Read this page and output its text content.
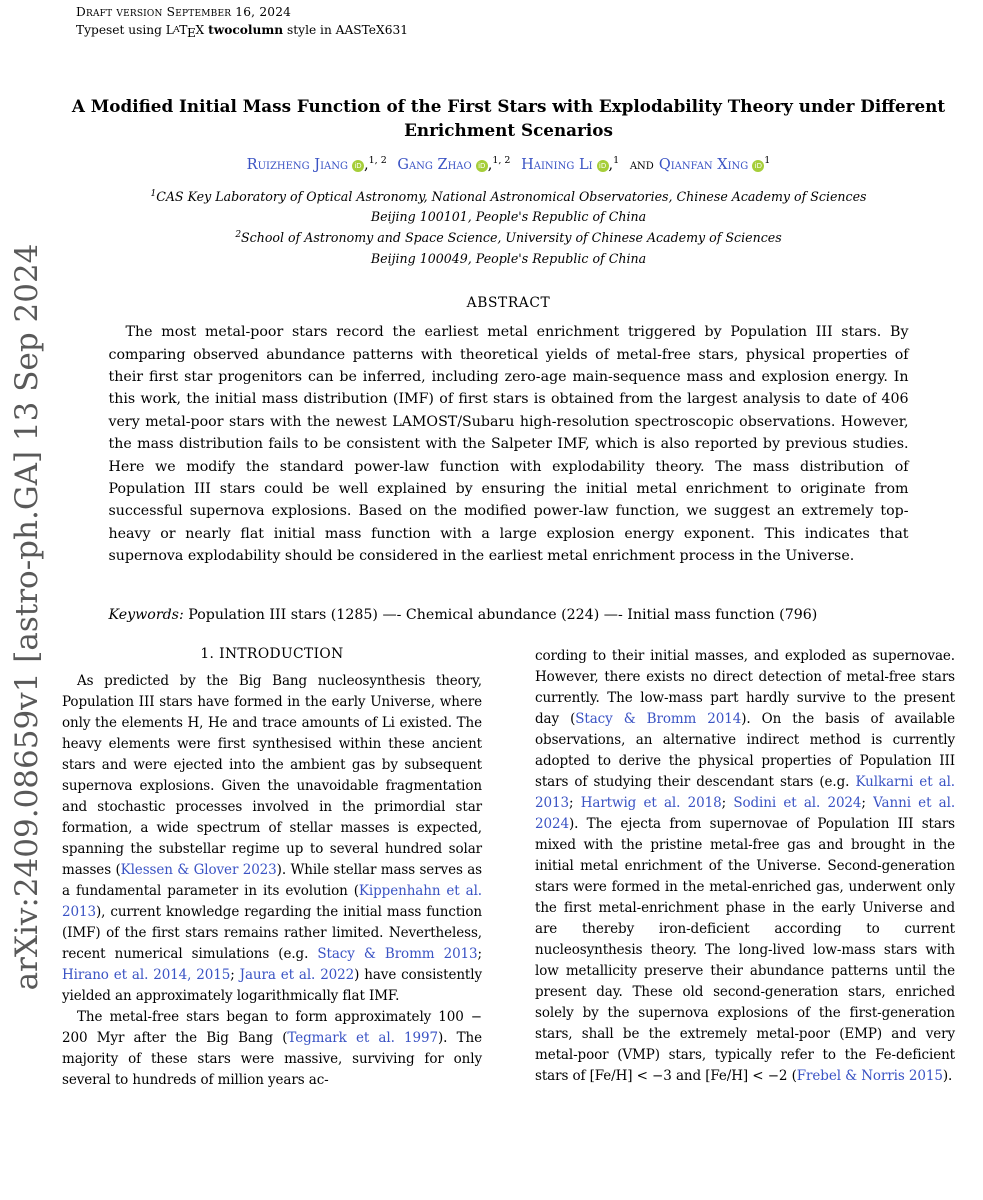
Draft version September 16, 2024
Typeset using $L^ATEX$ twocolumn style in AASTeX631
arXiv:2409.08659v1 [astro-ph.GA] 13 Sep 2024
A Modified Initial Mass Function of the First Stars with Explodability Theory under Different Enrichment Scenarios
Ruizheng Jiang iD ,$^{1, 2}$ Gang Zhao iD ,$^{1, 2}$ Haining Li iD ,$^1$ and Qianfan Xing iD $^1$
$^1$CAS Key Laboratory of Optical Astronomy, National Astronomical Observatories, Chinese Academy of Sciences
Beijing 100101, People's Republic of China
$^2$School of Astronomy and Space Science, University of Chinese Academy of Sciences
Beijing 100049, People's Republic of China
ABSTRACT

The most metal-poor stars record the earliest metal enrichment triggered by Population III stars. By comparing observed abundance patterns with theoretical yields of metal-free stars, physical properties of their first star progenitors can be inferred, including zero-age main-sequence mass and explosion energy. In this work, the initial mass distribution (IMF) of first stars is obtained from the largest analysis to date of 406 very metal-poor stars with the newest LAMOST/Subaru high-resolution spectroscopic observations. However, the mass distribution fails to be consistent with the Salpeter IMF, which is also reported by previous studies. Here we modify the standard power-law function with explodability theory. The mass distribution of Population III stars could be well explained by ensuring the initial metal enrichment to originate from successful supernova explosions. Based on the modified power-law function, we suggest an extremely top-heavy or nearly flat initial mass function with a large explosion energy exponent. This indicates that supernova explodability should be considered in the earliest metal enrichment process in the Universe.

Keywords: Population III stars (1285) —- Chemical abundance (224) —- Initial mass function (796)
1. INTRODUCTION

As predicted by the Big Bang nucleosynthesis theory, Population III stars have formed in the early Universe, where only the elements H, He and trace amounts of Li existed. The heavy elements were first synthesised within these ancient stars and were ejected into the ambient gas by subsequent supernova explosions. Given the unavoidable fragmentation and stochastic processes involved in the primordial star formation, a wide spectrum of stellar masses is expected, spanning the substellar regime up to several hundred solar masses (Klessen & Glover 2023). While stellar mass serves as a fundamental parameter in its evolution (Kippenhahn et al. 2013), current knowledge regarding the initial mass function (IMF) of the first stars remains rather limited. Nevertheless, recent numerical simulations (e.g. Stacy & Bromm 2013; Hirano et al. 2014, 2015; Jaura et al. 2022) have consistently yielded an approximately logarithmically flat IMF.

The metal-free stars began to form approximately 100 − 200 Myr after the Big Bang (Tegmark et al. 1997). The majority of these stars were massive, surviving for only several to hundreds of million years ac-

cording to their initial masses, and exploded as supernovae. However, there exists no direct detection of metal-free stars currently. The low-mass part hardly survive to the present day (Stacy & Bromm 2014). On the basis of available observations, an alternative indirect method is currently adopted to derive the physical properties of Population III stars of studying their descendant stars (e.g. Kulkarni et al. 2013; Hartwig et al. 2018; Sodini et al. 2024; Vanni et al. 2024). The ejecta from supernovae of Population III stars mixed with the pristine metal-free gas and brought in the initial metal enrichment of the Universe. Second-generation stars were formed in the metal-enriched gas, underwent only the first metal-enrichment phase in the early Universe and are thereby iron-deficient according to current nucleosynthesis theory. The long-lived low-mass stars with low metallicity preserve their abundance patterns until the present day. These old second-generation stars, enriched solely by the supernova explosions of the first-generation stars, shall be the extremely metal-poor (EMP) and very metal-poor (VMP) stars, typically refer to the Fe-deficient stars of [Fe/H] < −3 and [Fe/H] < −2 (Frebel & Norris 2015).
